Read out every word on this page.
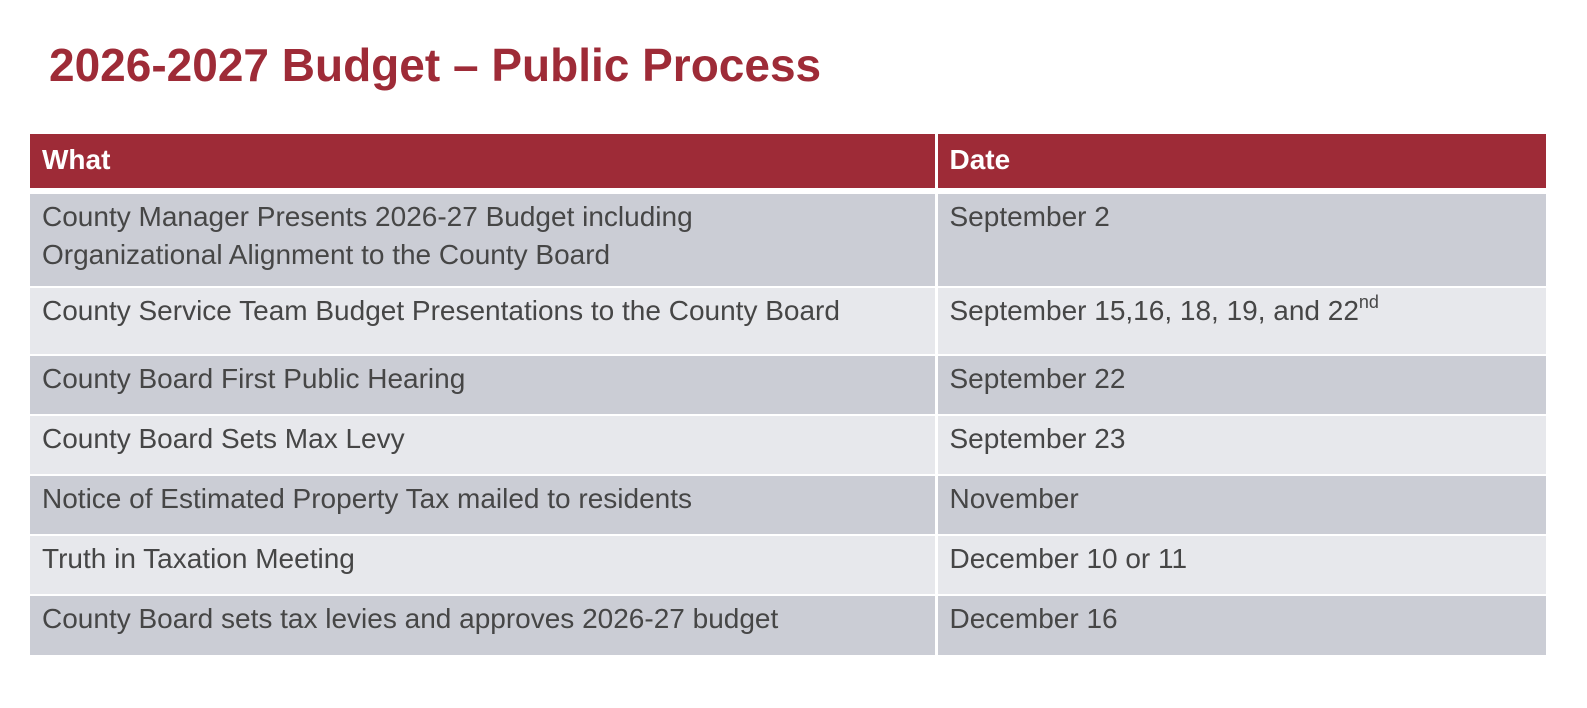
2026-2027 Budget – Public Process
What	Date
County Manager Presents 2026-27 Budget including
Organizational Alignment to the County Board	September 2
County Service Team Budget Presentations to the County Board	September 15,16, 18, 19, and 22nd
County Board First Public Hearing	September 22
County Board Sets Max Levy	September 23
Notice of Estimated Property Tax mailed to residents	November
Truth in Taxation Meeting	December 10 or 11
County Board sets tax levies and approves 2026-27 budget	December 16
